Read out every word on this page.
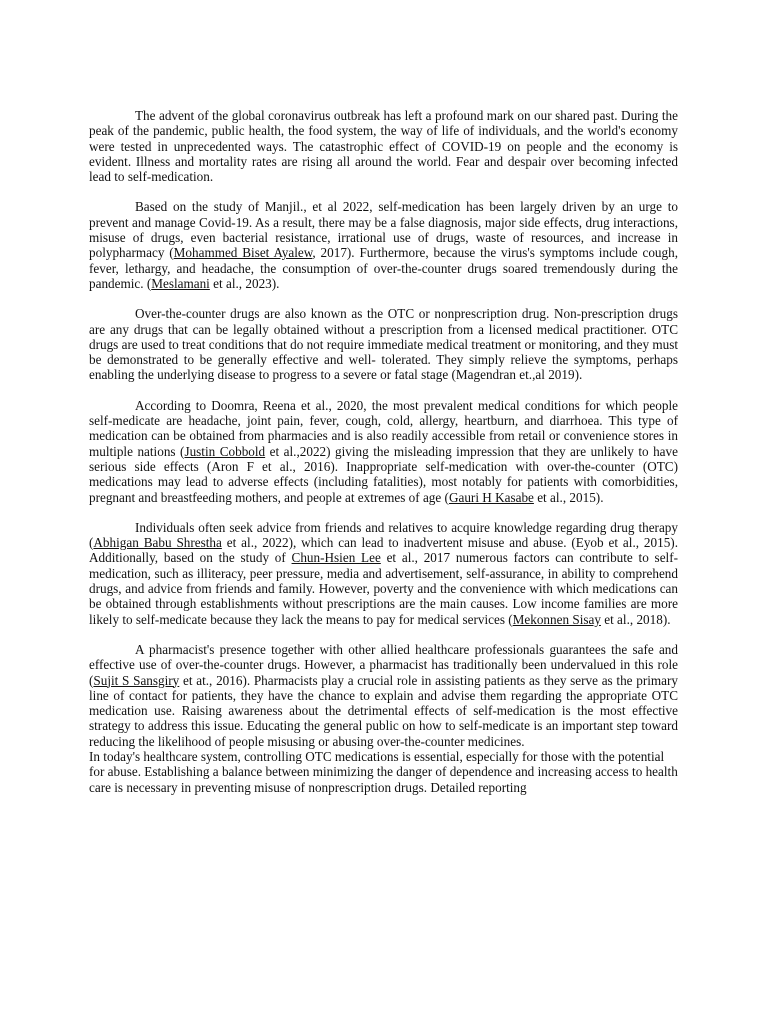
The advent of the global coronavirus outbreak has left a profound mark on our shared past. During the peak of the pandemic, public health, the food system, the way of life of individuals, and the world's economy were tested in unprecedented ways. The catastrophic effect of COVID-19 on people and the economy is evident. Illness and mortality rates are rising all around the world. Fear and despair over becoming infected lead to self-medication.

Based on the study of Manjil., et al 2022, self-medication has been largely driven by an urge to prevent and manage Covid-19. As a result, there may be a false diagnosis, major side effects, drug interactions, misuse of drugs, even bacterial resistance, irrational use of drugs, waste of resources, and increase in polypharmacy (Mohammed Biset Ayalew, 2017). Furthermore, because the virus's symptoms include cough, fever, lethargy, and headache, the consumption of over-the-counter drugs soared tremendously during the pandemic. (Meslamani et al., 2023).

Over-the-counter drugs are also known as the OTC or nonprescription drug. Non-prescription drugs are any drugs that can be legally obtained without a prescription from a licensed medical practitioner. OTC drugs are used to treat conditions that do not require immediate medical treatment or monitoring, and they must be demonstrated to be generally effective and well- tolerated. They simply relieve the symptoms, perhaps enabling the underlying disease to progress to a severe or fatal stage (Magendran et.,al 2019).

According to Doomra, Reena et al., 2020, the most prevalent medical conditions for which people self-medicate are headache, joint pain, fever, cough, cold, allergy, heartburn, and diarrhoea. This type of medication can be obtained from pharmacies and is also readily accessible from retail or convenience stores in multiple nations (Justin Cobbold et al.,2022) giving the misleading impression that they are unlikely to have serious side effects (Aron F et al., 2016). Inappropriate self-medication with over-the-counter (OTC) medications may lead to adverse effects (including fatalities), most notably for patients with comorbidities, pregnant and breastfeeding mothers, and people at extremes of age (Gauri H Kasabe et al., 2015).

Individuals often seek advice from friends and relatives to acquire knowledge regarding drug therapy (Abhigan Babu Shrestha et al., 2022), which can lead to inadvertent misuse and abuse. (Eyob et al., 2015). Additionally, based on the study of Chun-Hsien Lee et al., 2017 numerous factors can contribute to self-medication, such as illiteracy, peer pressure, media and advertisement, self-assurance, in ability to comprehend drugs, and advice from friends and family. However, poverty and the convenience with which medications can be obtained through establishments without prescriptions are the main causes. Low income families are more likely to self-medicate because they lack the means to pay for medical services (Mekonnen Sisay et al., 2018).

A pharmacist's presence together with other allied healthcare professionals guarantees the safe and effective use of over-the-counter drugs. However, a pharmacist has traditionally been undervalued in this role (Sujit S Sansgiry et at., 2016). Pharmacists play a crucial role in assisting patients as they serve as the primary line of contact for patients, they have the chance to explain and advise them regarding the appropriate OTC medication use. Raising awareness about the detrimental effects of self-medication is the most effective strategy to address this issue. Educating the general public on how to self-medicate is an important step toward reducing the likelihood of people misusing or abusing over-the-counter medicines.

In today's healthcare system, controlling OTC medications is essential, especially for those with the potential for abuse. Establishing a balance between minimizing the danger of dependence and increasing access to health care is necessary in preventing misuse of nonprescription drugs. Detailed reporting
